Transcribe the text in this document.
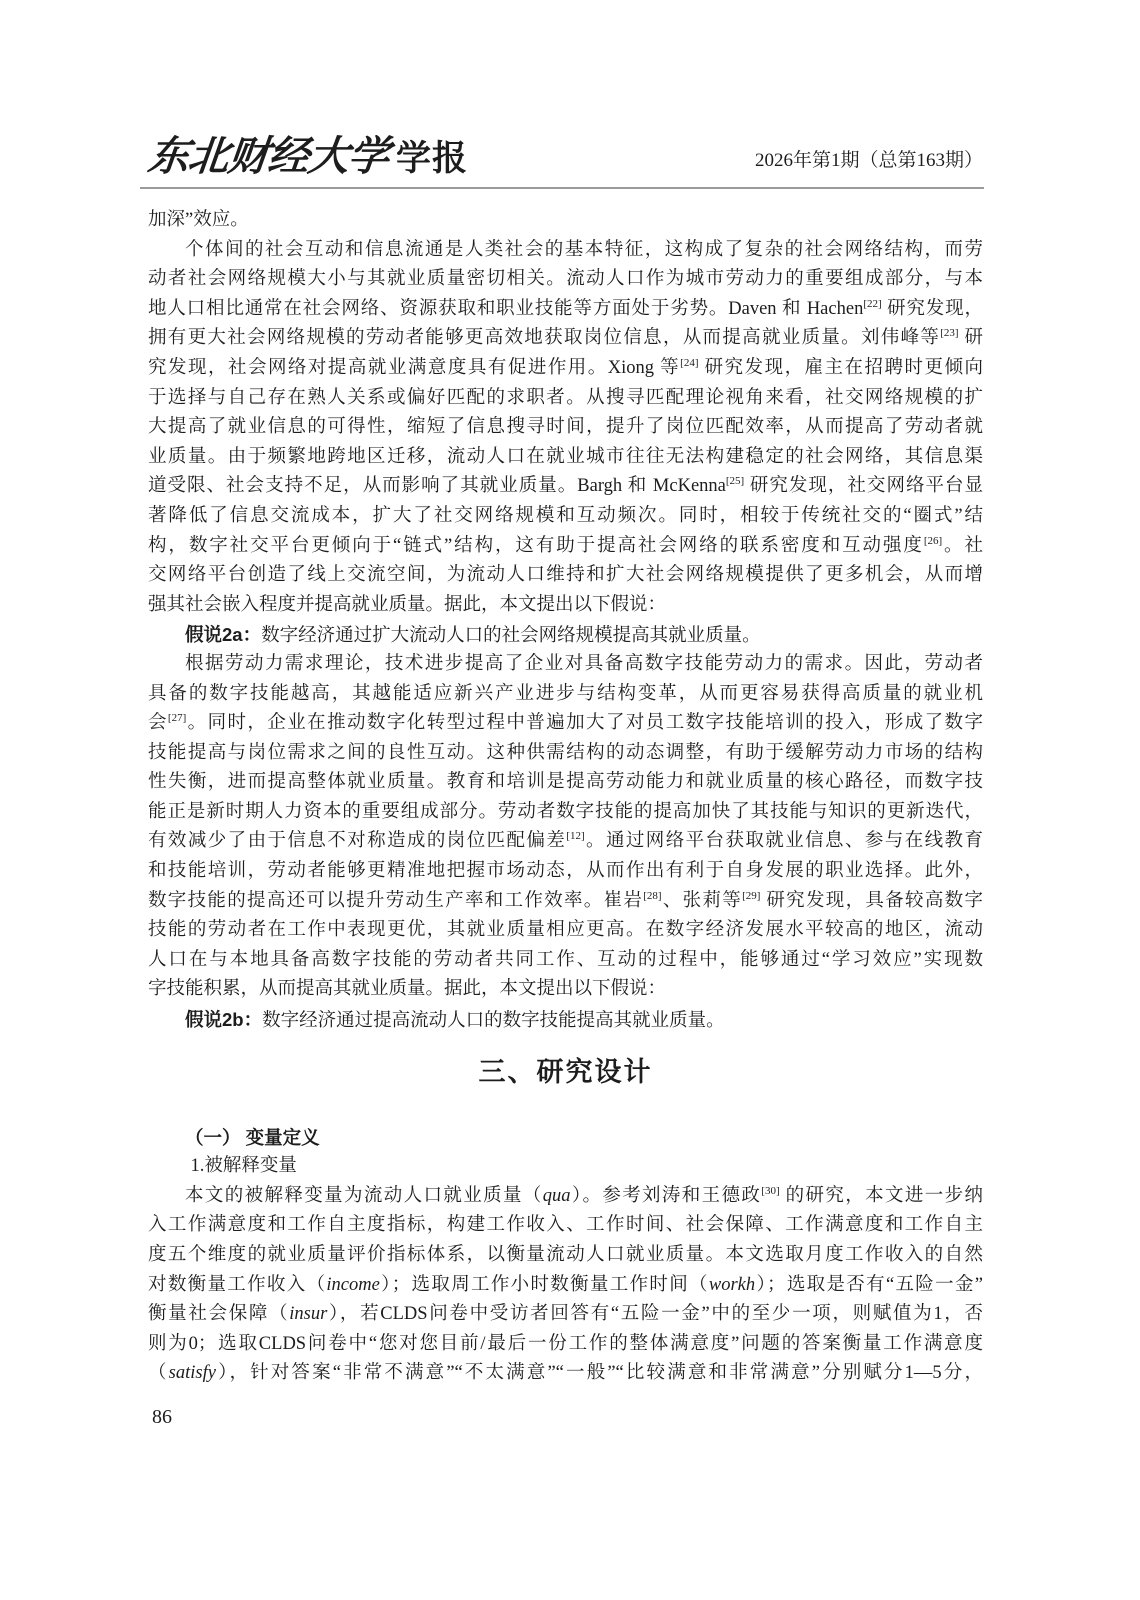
东北财经大学 学报	2026年第1期（总第163期）
加深”效应。
个体间的社会互动和信息流通是人类社会的基本特征，这构成了复杂的社会网络结构，而劳
动者社会网络规模大小与其就业质量密切相关。流动人口作为城市劳动力的重要组成部分，与本
地人口相比通常在社会网络、资源获取和职业技能等方面处于劣势。Daven 和 Hachen[22] 研究发现，
拥有更大社会网络规模的劳动者能够更高效地获取岗位信息，从而提高就业质量。刘伟峰等[23] 研
究发现，社会网络对提高就业满意度具有促进作用。Xiong 等[24] 研究发现，雇主在招聘时更倾向
于选择与自己存在熟人关系或偏好匹配的求职者。从搜寻匹配理论视角来看，社交网络规模的扩
大提高了就业信息的可得性，缩短了信息搜寻时间，提升了岗位匹配效率，从而提高了劳动者就
业质量。由于频繁地跨地区迁移，流动人口在就业城市往往无法构建稳定的社会网络，其信息渠
道受限、社会支持不足，从而影响了其就业质量。Bargh 和 McKenna[25] 研究发现，社交网络平台显
著降低了信息交流成本，扩大了社交网络规模和互动频次。同时，相较于传统社交的“圈式”结
构，数字社交平台更倾向于“链式”结构，这有助于提高社会网络的联系密度和互动强度[26]。社
交网络平台创造了线上交流空间，为流动人口维持和扩大社会网络规模提供了更多机会，从而增
强其社会嵌入程度并提高就业质量。据此，本文提出以下假说：
假说2a：数字经济通过扩大流动人口的社会网络规模提高其就业质量。
根据劳动力需求理论，技术进步提高了企业对具备高数字技能劳动力的需求。因此，劳动者
具备的数字技能越高，其越能适应新兴产业进步与结构变革，从而更容易获得高质量的就业机
会[27]。同时，企业在推动数字化转型过程中普遍加大了对员工数字技能培训的投入，形成了数字
技能提高与岗位需求之间的良性互动。这种供需结构的动态调整，有助于缓解劳动力市场的结构
性失衡，进而提高整体就业质量。教育和培训是提高劳动能力和就业质量的核心路径，而数字技
能正是新时期人力资本的重要组成部分。劳动者数字技能的提高加快了其技能与知识的更新迭代，
有效减少了由于信息不对称造成的岗位匹配偏差[12]。通过网络平台获取就业信息、参与在线教育
和技能培训，劳动者能够更精准地把握市场动态，从而作出有利于自身发展的职业选择。此外，
数字技能的提高还可以提升劳动生产率和工作效率。崔岩[28]、张莉等[29] 研究发现，具备较高数字
技能的劳动者在工作中表现更优，其就业质量相应更高。在数字经济发展水平较高的地区，流动
人口在与本地具备高数字技能的劳动者共同工作、互动的过程中，能够通过“学习效应”实现数
字技能积累，从而提高其就业质量。据此，本文提出以下假说：
假说2b：数字经济通过提高流动人口的数字技能提高其就业质量。
三、研究设计
（一） 变量定义
1.被解释变量
本文的被解释变量为流动人口就业质量（qua）。参考刘涛和王德政[30] 的研究，本文进一步纳
入工作满意度和工作自主度指标，构建工作收入、工作时间、社会保障、工作满意度和工作自主
度五个维度的就业质量评价指标体系，以衡量流动人口就业质量。本文选取月度工作收入的自然
对数衡量工作收入（income）；选取周工作小时数衡量工作时间（workh）；选取是否有“五险一金”
衡量社会保障（insur），若CLDS问卷中受访者回答有“五险一金”中的至少一项，则赋值为1，否
则为0；选取CLDS问卷中“您对您目前/最后一份工作的整体满意度”问题的答案衡量工作满意度
（satisfy），针对答案“非常不满意”“不太满意”“一般”“比较满意和非常满意”分别赋分1—5分，
86
